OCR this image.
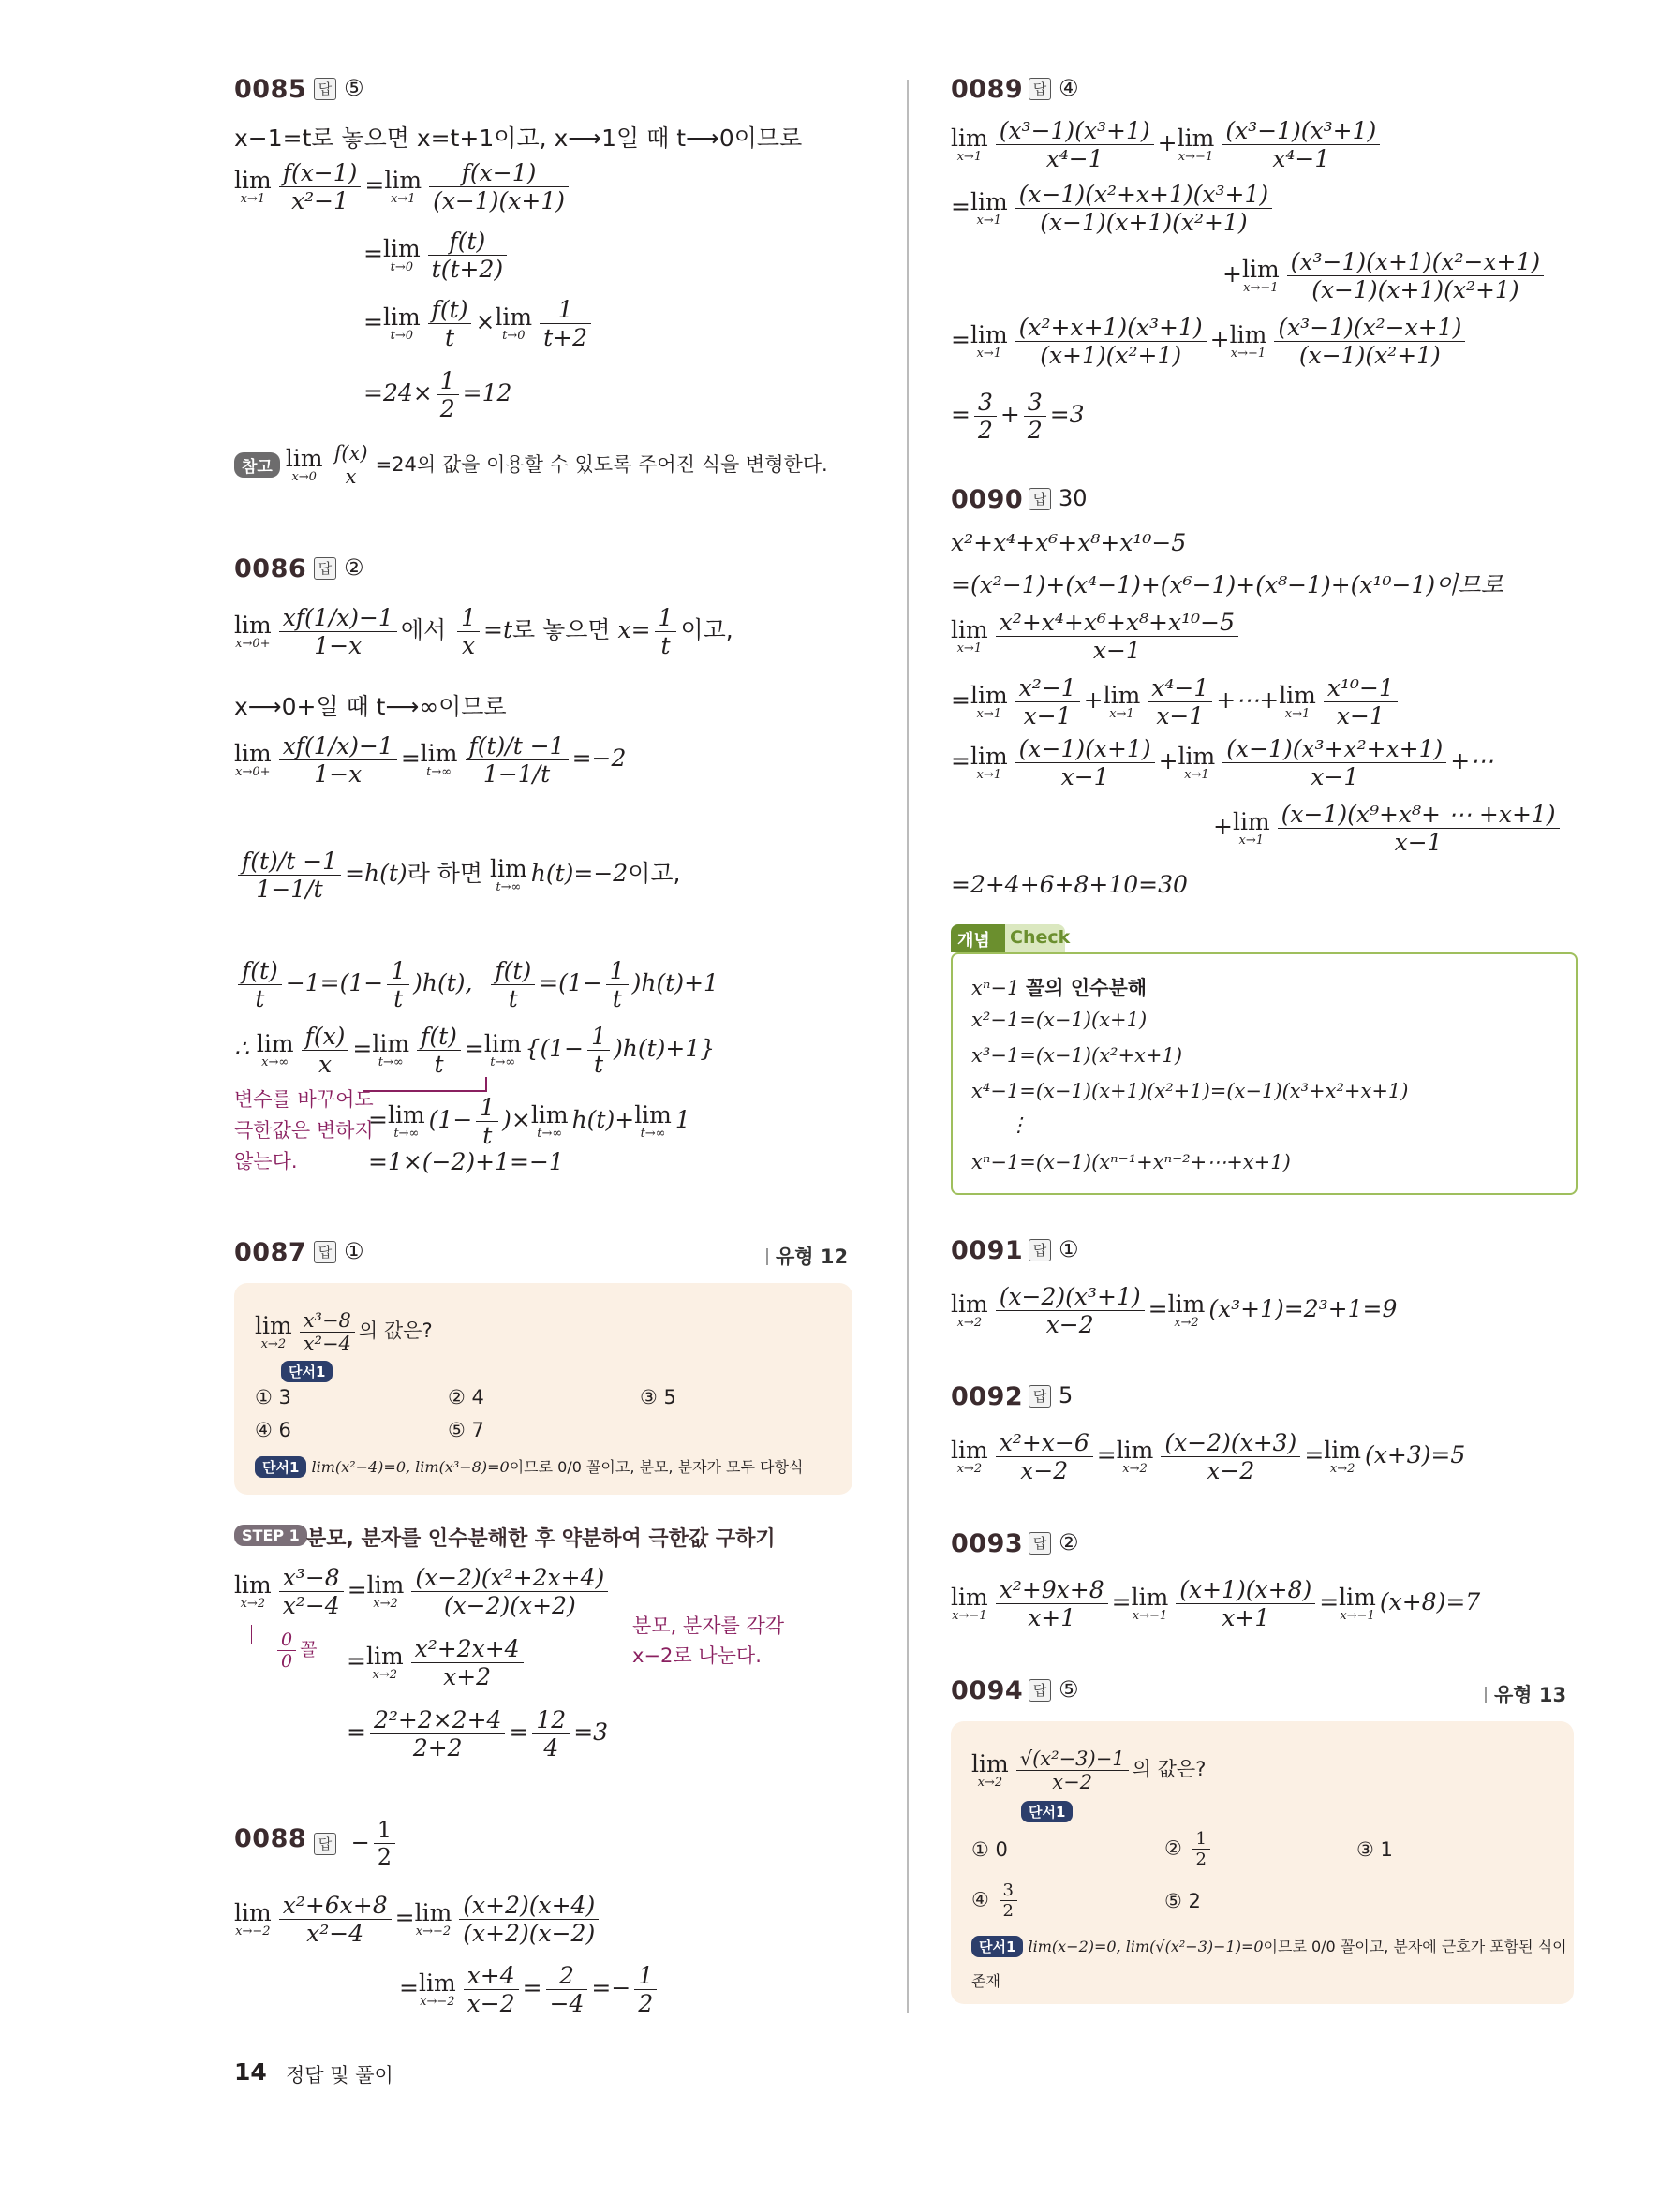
0085 답 ⑤
x−1=t로 놓으면 x=t+1이고, x⟶1일 때 t⟶0이므로
lim
$x\to 1 \frac{f(x-1)}{\text{x²−1}} = \lim$
$x\to 1 \frac{f(x-1)}{(x-1)(x+1)}$
= lim
$t\to 0 \frac{f(t)}{t(t+2)}$
= lim
$t\to 0 \frac{f(t)}{t} \times \lim$
$t\to 0 \frac{1}{t+2}$
$=24\times \frac{1}{2} =12$
참고 lim
$x\to 0 \frac{f(x)}{x} =24$의 값을 이용할 수 있도록 주어진 식을 변형한다.
0086 답 ②
lim
$x\to 0+ \frac{xf(1/x)-1}{1-x}$ 에서 $\frac{1}{x} =t$로 놓으면 $x= \frac{1}{t}$ 이고,
x⟶0+일 때 t⟶∞이므로
lim
$x\to 0+ \frac{xf(1/x)-1}{1-x} = \lim$
$t\to\infty \frac{f(t)/t -1}{1-1/t} =-2$
$\frac{f(t)/t -1}{1-1/t} =h(t)$라 하면 lim
t→∞ h(t)=−2이고,
$\frac{f(t)}{t} -1=(1- \frac{1}{t} )h(t)$, $\frac{f(t)}{t} =(1- \frac{1}{t} )h(t)+1$
∴ lim
$x\to\infty \frac{f(x)}{x} = \lim$
$t\to\infty \frac{f(t)}{t} = \lim$
t→∞ $\{(1- \frac{1}{t} )h(t)+1\}$
변수를 바꾸어도
극한값은 변하지
않는다.
= lim
t→∞ ($1- \frac{1}{t}$ )× lim
t→∞ h(t)+ lim
t→∞ 1
=1×(−2)+1=−1
0087 답 ①	유형 12
lim
$x\to 2 \frac{\text{x³−8}}{\text{x²−4}}$ 의 값은?
단서1
① 3	② 4	③ 5
④ 6	⑤ 7
단서1 lim(x²−4)=0, lim(x³−8)=0이므로 0/0 꼴이고, 분모, 분자가 모두 다항식
STEP 1 분모, 분자를 인수분해한 후 약분하여 극한값 구하기
lim
$x\to 2 \frac{\text{x³−8}}{\text{x²−4}} = \lim$
$x\to 2 \frac{\text{(x−2)(x²+2x+4)}}{(x-2)(x+2)}$
$\frac{0}{0}$ 꼴
분모, 분자를 각각
x−2로 나눈다.
= lim
$x\to 2 \frac{\text{x²+2x+4}}{x+2}$
= $\frac{\text{2²+2×2+4}}{2+2} = \frac{12}{4} =3$
0088 답 − $\frac{1}{2}$
lim
$x\to-2 \frac{\text{x²+6x+8}}{\text{x²−4}} = \lim$
$x\to-2 \frac{(x+2)(x+4)}{(x+2)(x-2)}$
= lim
$x\to-2 \frac{x+4}{x-2} = \frac{2}{-4} =- \frac{1}{2}$
0089 답 ④
lim
$x\to 1 \frac{\text{(x³−1)(x³+1)}}{\text{x⁴−1}} + \lim$
$x\to-1 \frac{\text{(x³−1)(x³+1)}}{\text{x⁴−1}}$
= lim
$x\to 1 \frac{\text{(x−1)(x²+x+1)(x³+1)}}{\text{(x−1)(x+1)(x²+1)}}$
+ lim
$x\to-1 \frac{\text{(x³−1)(x+1)(x²−x+1)}}{\text{(x−1)(x+1)(x²+1)}}$
= lim
$x\to 1 \frac{\text{(x²+x+1)(x³+1)}}{\text{(x+1)(x²+1)}} + \lim$
$x\to-1 \frac{\text{(x³−1)(x²−x+1)}}{\text{(x−1)(x²+1)}}$
= $\frac{3}{2} + \frac{3}{2} =3$
0090 답 30
x²+x⁴+x⁶+x⁸+x¹⁰−5
=(x²−1)+(x⁴−1)+(x⁶−1)+(x⁸−1)+(x¹⁰−1)이므로
lim
$x\to 1 \frac{\text{x²+x⁴+x⁶+x⁸+x¹⁰−5}}{x-1}$
= lim
$x\to 1 \frac{\text{x²−1}}{x-1} + \lim$
$x\to 1 \frac{\text{x⁴−1}}{x-1}$ +⋯+ lim
$x\to 1 \frac{\text{x¹⁰−1}}{x-1}$
= lim
$x\to 1 \frac{(x-1)(x+1)}{x-1} + \lim$
$x\to 1 \frac{\text{(x−1)(x³+x²+x+1)}}{x-1}$ +⋯
+ lim
$x\to 1 \frac{\text{(x−1)(x⁹+x⁸+ ⋯ +x+1)}}{x-1}$
=2+4+6+8+10=30
개념 Check
xⁿ−1 꼴의 인수분해
x²−1=(x−1)(x+1)
x³−1=(x−1)(x²+x+1)
x⁴−1=(x−1)(x+1)(x²+1)=(x−1)(x³+x²+x+1)
⋮
xⁿ−1=(x−1)(xⁿ⁻¹+xⁿ⁻²+⋯+x+1)
0091 답 ①
lim
$x\to 2 \frac{\text{(x−2)(x³+1)}}{x-2} = \lim$
x→2 (x³+1)=2³+1=9
0092 답 5
lim
$x\to 2 \frac{\text{x²+x−6}}{x-2} = \lim$
$x\to 2 \frac{(x-2)(x+3)}{x-2} = \lim$
x→2 (x+3)=5
0093 답 ②
lim
$x\to-1 \frac{\text{x²+9x+8}}{x+1} = \lim$
$x\to-1 \frac{(x+1)(x+8)}{x+1} = \lim$
x→−1 (x+8)=7
0094 답 ⑤	유형 13
lim
$x\to 2 \frac{\text{√(x²−3)−1}}{x-2}$ 의 값은?
단서1
① 0	② $\frac{1}{2}$	③ 1
④ $\frac{3}{2}$	⑤ 2
단서1 lim(x−2)=0, lim(√(x²−3)−1)=0이므로 0/0 꼴이고, 분자에 근호가 포함된 식이
존재
14 정답 및 풀이
